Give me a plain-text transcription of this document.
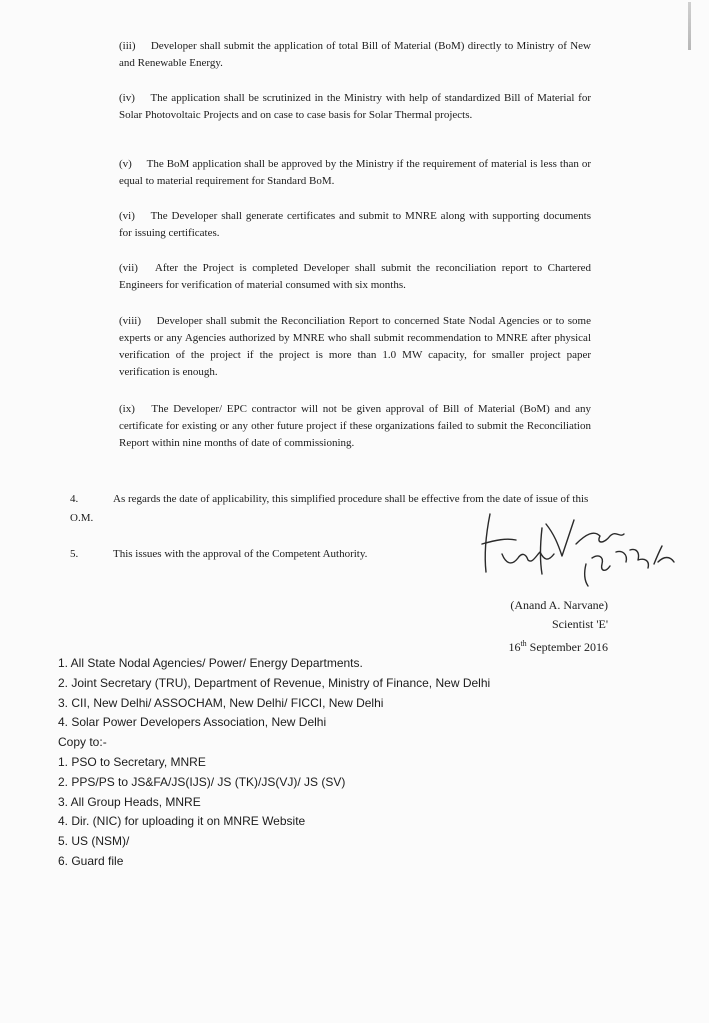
(iii) Developer shall submit the application of total Bill of Material (BoM) directly to Ministry of New and Renewable Energy.
(iv) The application shall be scrutinized in the Ministry with help of standardized Bill of Material for Solar Photovoltaic Projects and on case to case basis for Solar Thermal projects.
(v) The BoM application shall be approved by the Ministry if the requirement of material is less than or equal to material requirement for Standard BoM.
(vi) The Developer shall generate certificates and submit to MNRE along with supporting documents for issuing certificates.
(vii) After the Project is completed Developer shall submit the reconciliation report to Chartered Engineers for verification of material consumed with six months.
(viii) Developer shall submit the Reconciliation Report to concerned State Nodal Agencies or to some experts or any Agencies authorized by MNRE who shall submit recommendation to MNRE after physical verification of the project if the project is more than 1.0 MW capacity, for smaller project paper verification is enough.
(ix) The Developer/ EPC contractor will not be given approval of Bill of Material (BoM) and any certificate for existing or any other future project if these organizations failed to submit the Reconciliation Report within nine months of date of commissioning.
4.	As regards the date of applicability, this simplified procedure shall be effective from the date of issue of this O.M.
5.	This issues with the approval of the Competent Authority.
(Anand A. Narvane)
Scientist 'E'
16th September 2016
1. All State Nodal Agencies/ Power/ Energy Departments.
2. Joint Secretary (TRU), Department of Revenue, Ministry of Finance, New Delhi
3. CII, New Delhi/ ASSOCHAM, New Delhi/ FICCI, New Delhi
4. Solar Power Developers Association, New Delhi
Copy to:-
1. PSO to Secretary, MNRE
2. PPS/PS to JS&FA/JS(IJS)/ JS (TK)/JS(VJ)/ JS (SV)
3. All Group Heads, MNRE
4. Dir. (NIC) for uploading it on MNRE Website
5. US (NSM)/
6. Guard file
